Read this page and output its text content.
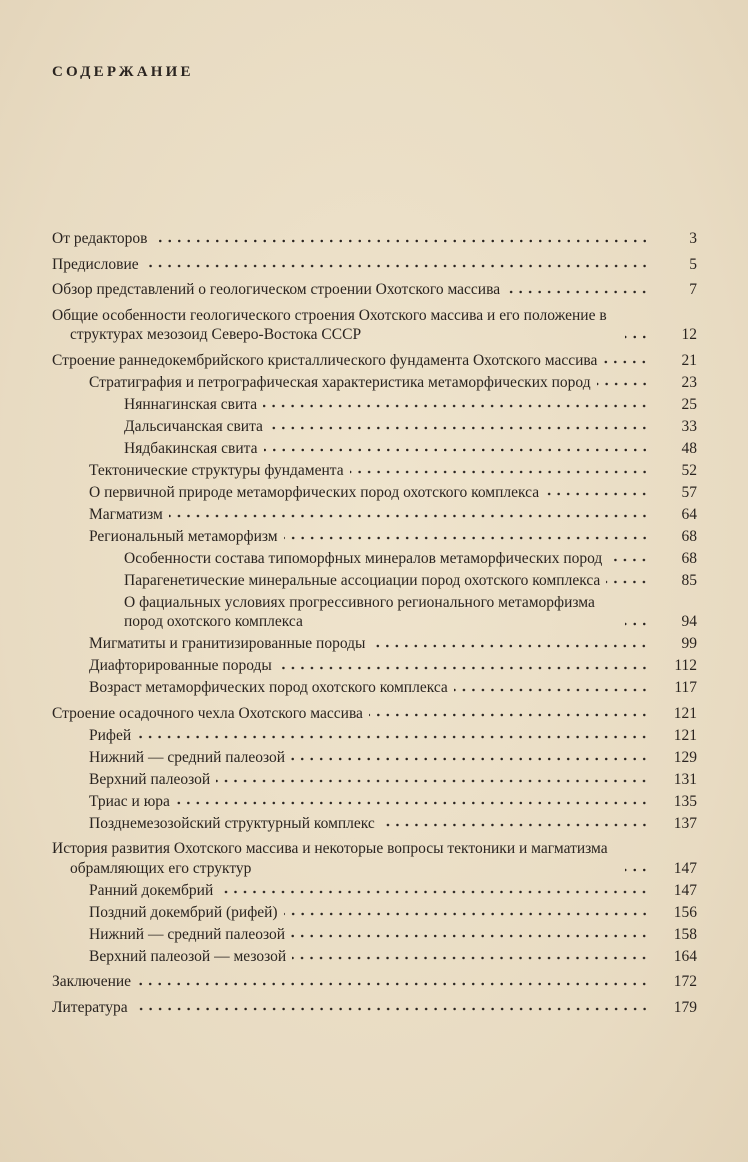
СОДЕРЖАНИЕ
От редакторов	3
Предисловие	5
Обзор представлений о геологическом строении Охотского массива	7
Общие особенности геологического строения Охотского массива и его положение в структурах мезозоид Северо-Востока СССР	12
Строение раннедокембрийского кристаллического фундамента Охотского массива	21
Стратиграфия и петрографическая характеристика метаморфических пород	23
Няннагинская свита	25
Дальсичанская свита	33
Нядбакинская свита	48
Тектонические структуры фундамента	52
О первичной природе метаморфических пород охотского комплекса	57
Магматизм	64
Региональный метаморфизм	68
Особенности состава типоморфных минералов метаморфических пород	68
Парагенетические минеральные ассоциации пород охотского комплекса	85
О фациальных условиях прогрессивного регионального метаморфизма пород охотского комплекса	94
Мигматиты и гранитизированные породы	99
Диафторированные породы	112
Возраст метаморфических пород охотского комплекса	117
Строение осадочного чехла Охотского массива	121
Рифей	121
Нижний — средний палеозой	129
Верхний палеозой	131
Триас и юра	135
Позднемезозойский структурный комплекс	137
История развития Охотского массива и некоторые вопросы тектоники и магматизма обрамляющих его структур	147
Ранний докембрий	147
Поздний докембрий (рифей)	156
Нижний — средний палеозой	158
Верхний палеозой — мезозой	164
Заключение	172
Литература	179
